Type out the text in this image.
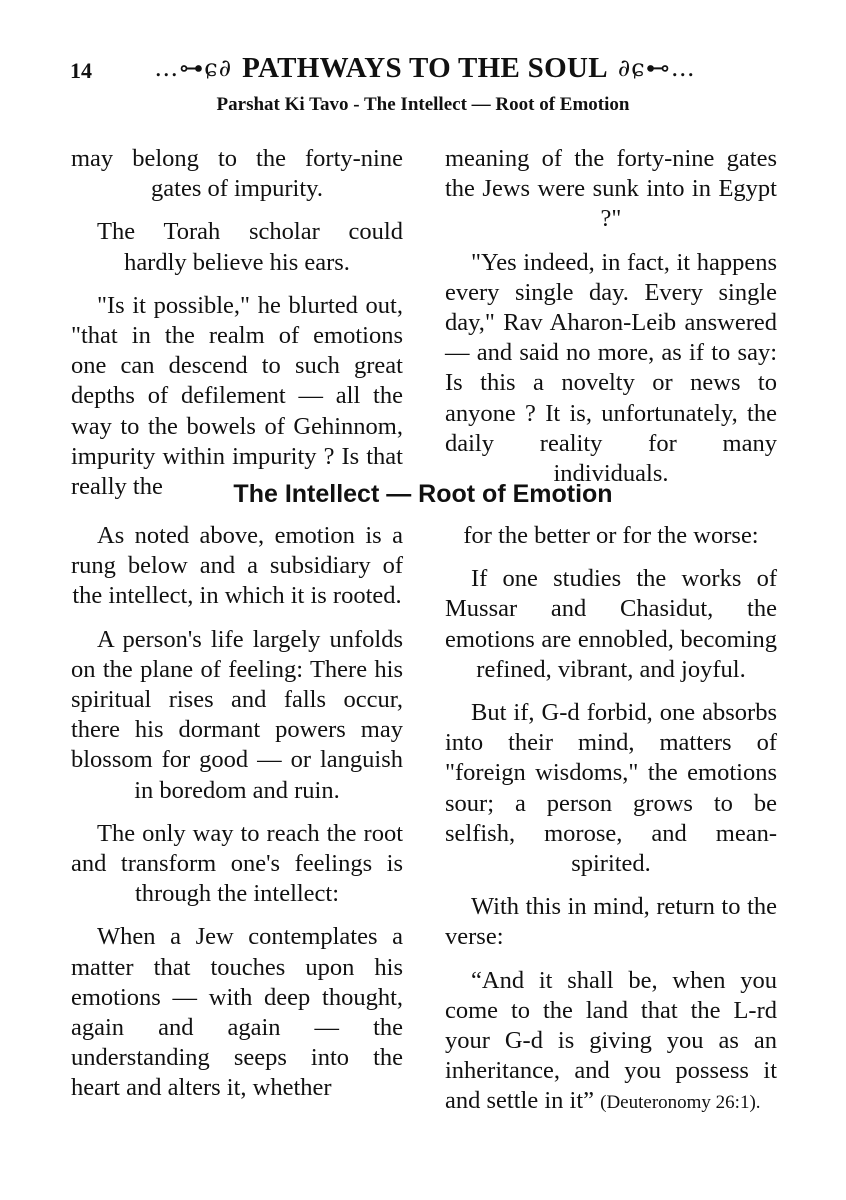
14	…⊶ɕ∂ PATHWAYS TO THE SOUL ∂ɕ⊷…
Parshat Ki Tavo - The Intellect — Root of Emotion

may belong to the forty-nine gates of impurity.

The Torah scholar could hardly believe his ears.

"Is it possible," he blurted out, "that in the realm of emotions one can descend to such great depths of defilement — all the way to the bowels of Gehinnom, impurity within impurity ? Is that really the

meaning of the forty-nine gates the Jews were sunk into in Egypt ?"

"Yes indeed, in fact, it happens every single day. Every single day," Rav Aharon-Leib answered — and said no more, as if to say: Is this a novelty or news to anyone ? It is, unfortunately, the daily reality for many individuals.

The Intellect — Root of Emotion

As noted above, emotion is a rung below and a subsidiary of the intellect, in which it is rooted.

A person's life largely unfolds on the plane of feeling: There his spiritual rises and falls occur, there his dormant powers may blossom for good — or languish in boredom and ruin.

The only way to reach the root and transform one's feelings is through the intellect:

When a Jew contemplates a matter that touches upon his emotions — with deep thought, again and again — the understanding seeps into the heart and alters it, whether

for the better or for the worse:

If one studies the works of Mussar and Chasidut, the emotions are ennobled, becoming refined, vibrant, and joyful.

But if, G-d forbid, one absorbs into their mind, matters of "foreign wisdoms," the emotions sour; a person grows to be selfish, morose, and mean-spirited.

With this in mind, return to the verse:

“And it shall be, when you come to the land that the L-rd your G-d is giving you as an inheritance, and you possess it and settle in it” (Deuteronomy 26:1).
